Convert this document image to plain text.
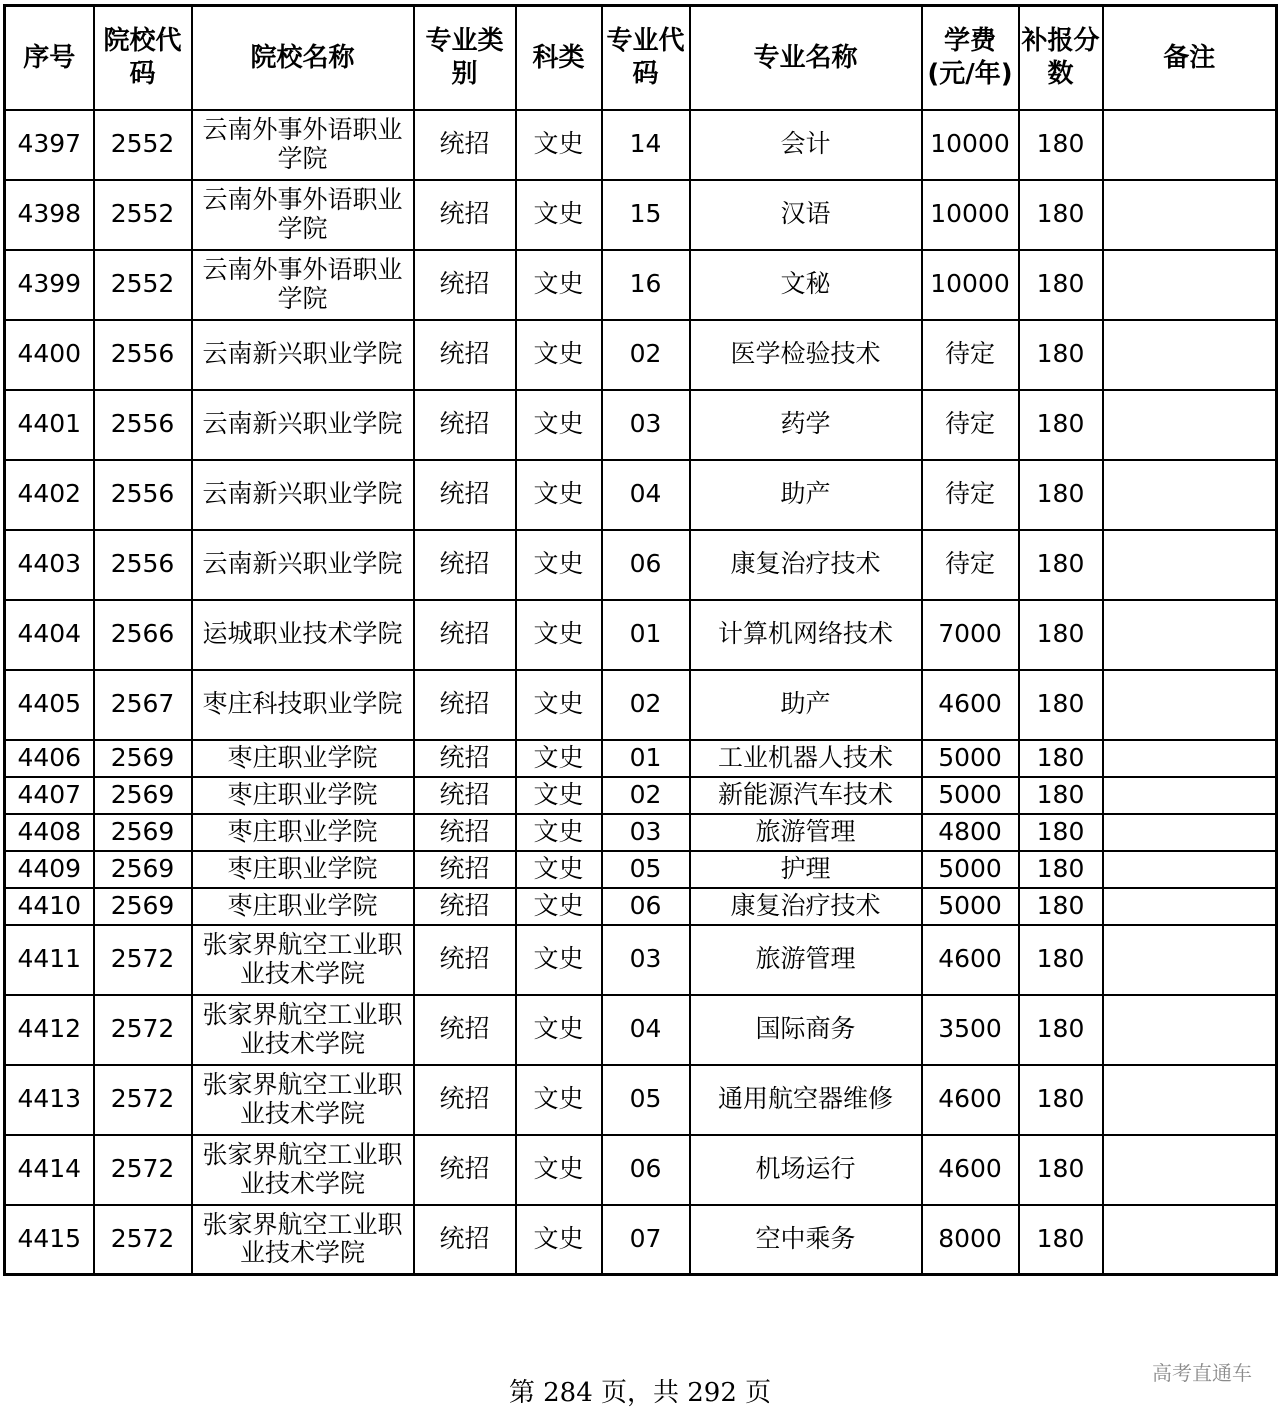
序号	院校代码	院校名称	专业类别	科类	专业代码	专业名称	学费(元/年)	补报分数	备注
4397	2552	云南外事外语职业学院	统招	文史	14	会计	10000	180	
4398	2552	云南外事外语职业学院	统招	文史	15	汉语	10000	180	
4399	2552	云南外事外语职业学院	统招	文史	16	文秘	10000	180	
4400	2556	云南新兴职业学院	统招	文史	02	医学检验技术	待定	180	
4401	2556	云南新兴职业学院	统招	文史	03	药学	待定	180	
4402	2556	云南新兴职业学院	统招	文史	04	助产	待定	180	
4403	2556	云南新兴职业学院	统招	文史	06	康复治疗技术	待定	180	
4404	2566	运城职业技术学院	统招	文史	01	计算机网络技术	7000	180	
4405	2567	枣庄科技职业学院	统招	文史	02	助产	4600	180	
4406	2569	枣庄职业学院	统招	文史	01	工业机器人技术	5000	180	
4407	2569	枣庄职业学院	统招	文史	02	新能源汽车技术	5000	180	
4408	2569	枣庄职业学院	统招	文史	03	旅游管理	4800	180	
4409	2569	枣庄职业学院	统招	文史	05	护理	5000	180	
4410	2569	枣庄职业学院	统招	文史	06	康复治疗技术	5000	180	
4411	2572	张家界航空工业职业技术学院	统招	文史	03	旅游管理	4600	180	
4412	2572	张家界航空工业职业技术学院	统招	文史	04	国际商务	3500	180	
4413	2572	张家界航空工业职业技术学院	统招	文史	05	通用航空器维修	4600	180	
4414	2572	张家界航空工业职业技术学院	统招	文史	06	机场运行	4600	180	
4415	2572	张家界航空工业职业技术学院	统招	文史	07	空中乘务	8000	180	
第 284 页，共 292 页
高考直通车
